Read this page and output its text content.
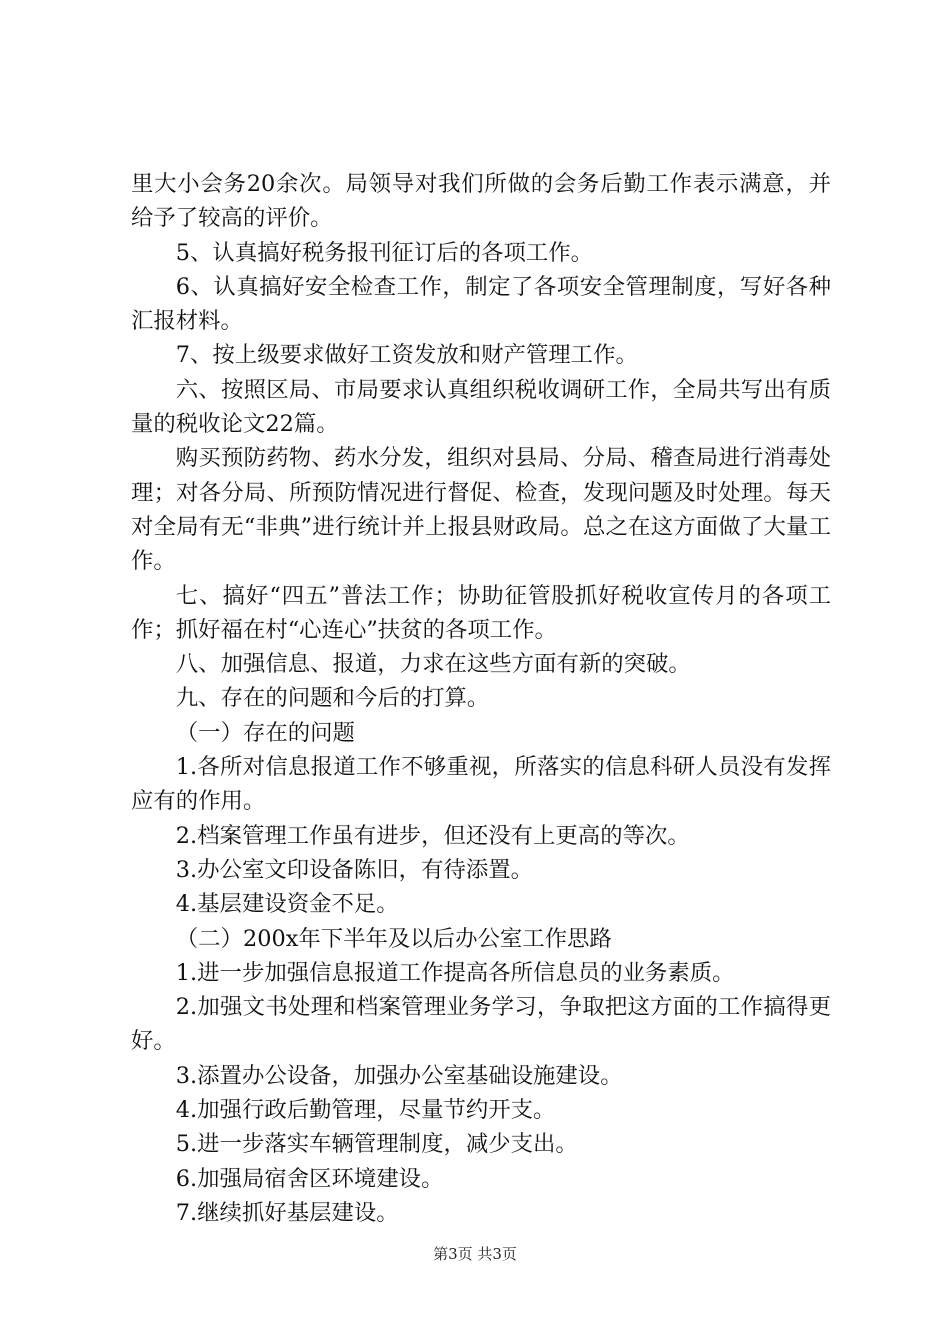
里大小会务20余次。局领导对我们所做的会务后勤工作表示满意，并给予了较高的评价。

5、认真搞好税务报刊征订后的各项工作。

6、认真搞好安全检查工作，制定了各项安全管理制度，写好各种汇报材料。

7、按上级要求做好工资发放和财产管理工作。

六、按照区局、市局要求认真组织税收调研工作，全局共写出有质量的税收论文22篇。

购买预防药物、药水分发，组织对县局、分局、稽查局进行消毒处理；对各分局、所预防情况进行督促、检查，发现问题及时处理。每天对全局有无“非典”进行统计并上报县财政局。总之在这方面做了大量工作。

七、搞好“四五”普法工作；协助征管股抓好税收宣传月的各项工作；抓好福在村“心连心”扶贫的各项工作。

八、加强信息、报道，力求在这些方面有新的突破。

九、存在的问题和今后的打算。

（一）存在的问题

1.各所对信息报道工作不够重视，所落实的信息科研人员没有发挥应有的作用。

2.档案管理工作虽有进步，但还没有上更高的等次。

3.办公室文印设备陈旧，有待添置。

4.基层建设资金不足。

（二）200x年下半年及以后办公室工作思路

1.进一步加强信息报道工作提高各所信息员的业务素质。

2.加强文书处理和档案管理业务学习，争取把这方面的工作搞得更好。

3.添置办公设备，加强办公室基础设施建设。

4.加强行政后勤管理，尽量节约开支。

5.进一步落实车辆管理制度，减少支出。

6.加强局宿舍区环境建设。

7.继续抓好基层建设。

第3页 共3页
